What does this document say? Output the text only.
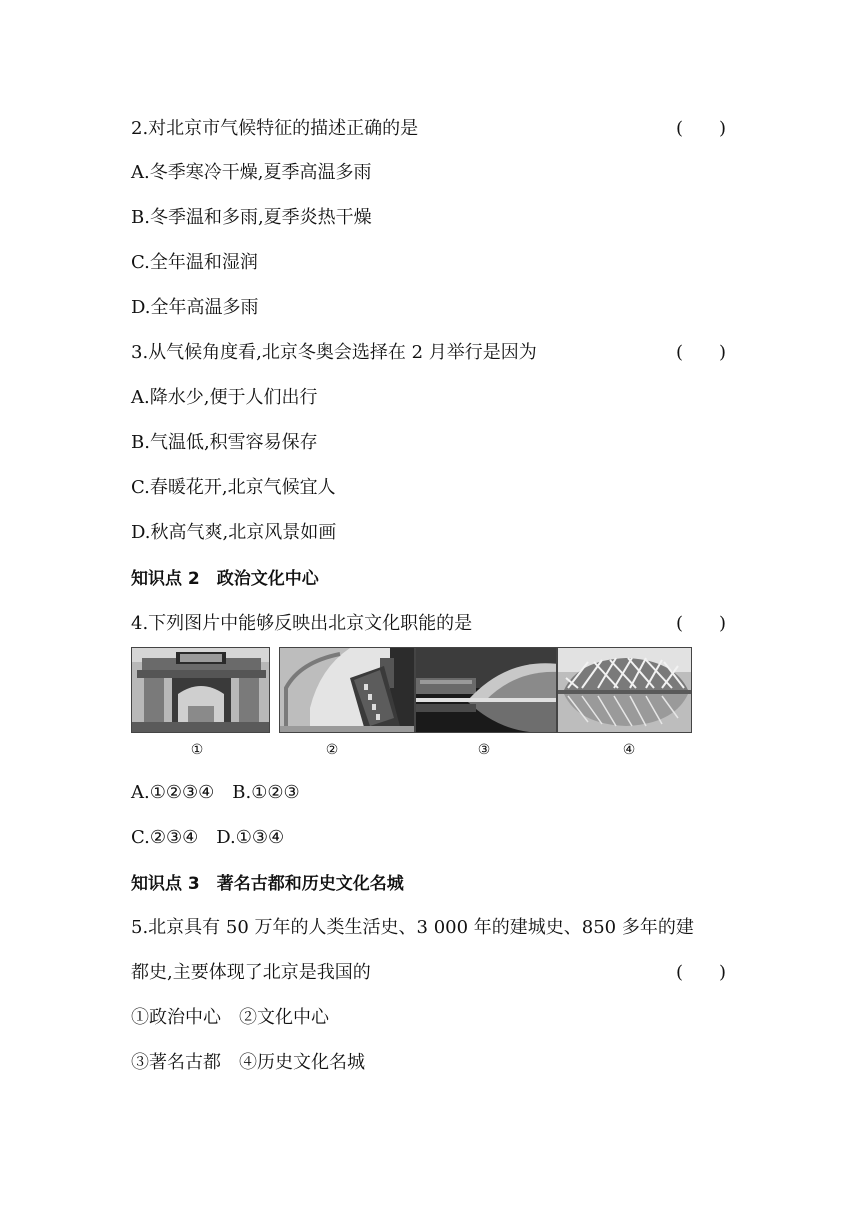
2.对北京市气候特征的描述正确的是	(　　)
A.冬季寒冷干燥,夏季高温多雨
B.冬季温和多雨,夏季炎热干燥
C.全年温和湿润
D.全年高温多雨
3.从气候角度看,北京冬奥会选择在 2 月举行是因为	(　　)
A.降水少,便于人们出行
B.气温低,积雪容易保存
C.春暖花开,北京气候宜人
D.秋高气爽,北京风景如画
知识点 2　政治文化中心
4.下列图片中能够反映出北京文化职能的是	(　　)
①	②	③	④
A.①②③④　B.①②③
C.②③④　D.①③④
知识点 3　著名古都和历史文化名城
5.北京具有 50 万年的人类生活史、3 000 年的建城史、850 多年的建
都史,主要体现了北京是我国的	(　　)
①政治中心　②文化中心
③著名古都　④历史文化名城
